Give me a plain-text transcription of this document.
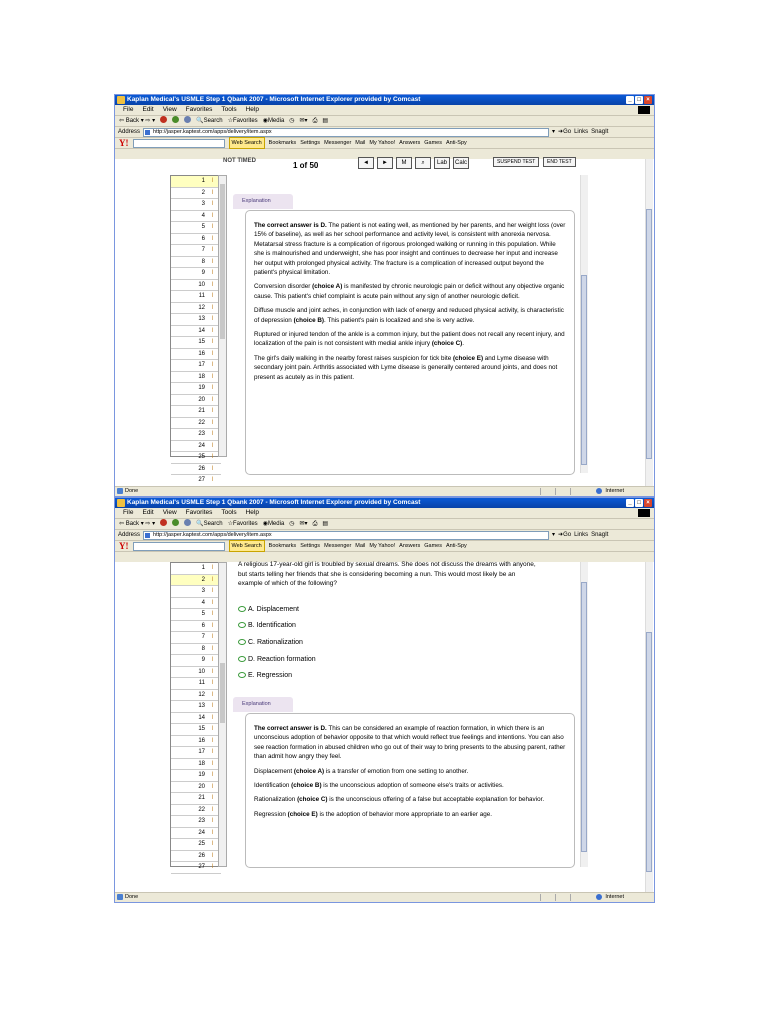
Kaplan Medical's USMLE Step 1 Qbank 2007 - Microsoft Internet Explorer provided by Comcast	_ □ ×
File Edit View Favorites Tools Help
⇦ Back ▾ ⇨ ▾	🔍Search ☆Favorites ◉Media ◷ ✉▾ ⎙ ▤
Address	http://jasper.kaptest.com/apps/delivery/item.aspx	▾ ➜Go Links SnagIt
Y!	Web Search	Bookmarks Settings Messenger Mail My Yahoo! Answers Games Anti-Spy
NOT TIMED	1 of 50	◄	►	M	⌕	Lab	Calc	SUSPEND TEST	END TEST
1 ǀ
2 ǀ
3 ǀ
4 ǀ
5 ǀ
6 ǀ
7 ǀ
8 ǀ
9 ǀ
10 ǀ
11 ǀ
12 ǀ
13 ǀ
14 ǀ
15 ǀ
16 ǀ
17 ǀ
18 ǀ
19 ǀ
20 ǀ
21 ǀ
22 ǀ
23 ǀ
24 ǀ
25 ǀ
26 ǀ
27 ǀ
Explanation

The correct answer is D. The patient is not eating well, as mentioned by her parents, and her weight loss (over 15% of baseline), as well as her school performance and activity level, is consistent with anorexia nervosa. Metatarsal stress fracture is a complication of rigorous prolonged walking or running in this population. While she is malnourished and underweight, she has poor insight and continues to decrease her input and increase her output with prolonged physical activity. The fracture is a complication of increased output beyond the patient's physical limitation.

Conversion disorder (choice A) is manifested by chronic neurologic pain or deficit without any objective organic cause. This patient's chief complaint is acute pain without any sign of another neurologic deficit.

Diffuse muscle and joint aches, in conjunction with lack of energy and reduced physical activity, is characteristic of depression (choice B). This patient's pain is localized and she is very active.

Ruptured or injured tendon of the ankle is a common injury, but the patient does not recall any recent injury, and localization of the pain is not consistent with medial ankle injury (choice C).

The girl's daily walking in the nearby forest raises suspicion for tick bite (choice E) and Lyme disease with secondary joint pain. Arthritis associated with Lyme disease is generally centered around joints, and does not present as acutely as in this patient.

Done	Internet
Kaplan Medical's USMLE Step 1 Qbank 2007 - Microsoft Internet Explorer provided by Comcast	_ □ ×
File Edit View Favorites Tools Help
⇦ Back ▾ ⇨ ▾	🔍Search ☆Favorites ◉Media ◷ ✉▾ ⎙ ▤
Address	http://jasper.kaptest.com/apps/delivery/item.aspx	▾ ➜Go Links SnagIt
Y!	Web Search	Bookmarks Settings Messenger Mail My Yahoo! Answers Games Anti-Spy
1 ǀ
2 ǀ
3 ǀ
4 ǀ
5 ǀ
6 ǀ
7 ǀ
8 ǀ
9 ǀ
10 ǀ
11 ǀ
12 ǀ
13 ǀ
14 ǀ
15 ǀ
16 ǀ
17 ǀ
18 ǀ
19 ǀ
20 ǀ
21 ǀ
22 ǀ
23 ǀ
24 ǀ
25 ǀ
26 ǀ
27 ǀ
A religious 17-year-old girl is troubled by sexual dreams. She does not discuss the dreams with anyone, but starts telling her friends that she is considering becoming a nun. This would most likely be an example of which of the following?
A. Displacement
B. Identification
C. Rationalization
D. Reaction formation
E. Regression
Explanation

The correct answer is D. This can be considered an example of reaction formation, in which there is an unconscious adoption of behavior opposite to that which would reflect true feelings and intentions. You can also see reaction formation in abused children who go out of their way to bring presents to the abusing parent, rather than admit how angry they feel.

Displacement (choice A) is a transfer of emotion from one setting to another.

Identification (choice B) is the unconscious adoption of someone else's traits or activities.

Rationalization (choice C) is the unconscious offering of a false but acceptable explanation for behavior.

Regression (choice E) is the adoption of behavior more appropriate to an earlier age.

Done	Internet
